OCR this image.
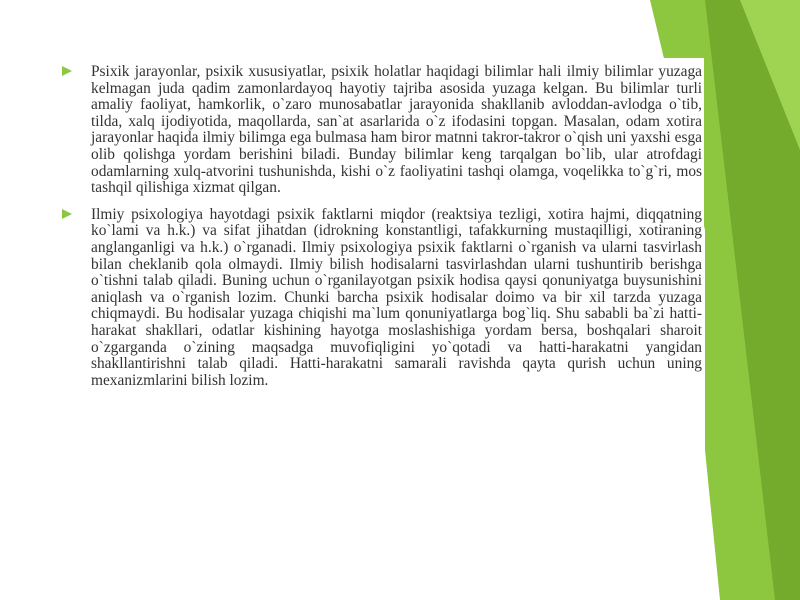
Psixik jarayonlar, psixik xususiyatlar, psixik holatlar haqidagi bilimlar hali ilmiy bilimlar yuzaga kelmagan juda qadim zamonlardayoq hayotiy tajriba asosida yuzaga kelgan. Bu bilimlar turli amaliy faoliyat, hamkorlik, o`zaro munosabatlar jarayonida shakllanib avloddan-avlodga o`tib, tilda, xalq ijodiyotida, maqollarda, san`at asarlarida o`z ifodasini topgan. Masalan, odam xotira jarayonlar haqida ilmiy bilimga ega bulmasa ham biror matnni takror-takror o`qish uni yaxshi esga olib qolishga yordam berishini biladi. Bunday bilimlar keng tarqalgan bo`lib, ular atrofdagi odamlarning xulq-atvorini tushunishda, kishi o`z faoliyatini tashqi olamga, voqelikka to`g`ri, mos tashqil qilishiga xizmat qilgan.

Ilmiy psixologiya hayotdagi psixik faktlarni miqdor (reaktsiya tezligi, xotira hajmi, diqqatning ko`lami va h.k.) va sifat jihatdan (idrokning konstantligi, tafakkurning mustaqilligi, xotiraning anglanganligi va h.k.) o`rganadi. Ilmiy psixologiya psixik faktlarni o`rganish va ularni tasvirlash bilan cheklanib qola olmaydi. Ilmiy bilish hodisalarni tasvirlashdan ularni tushuntirib berishga o`tishni talab qiladi. Buning uchun o`rganilayotgan psixik hodisa qaysi qonuniyatga buysunishini aniqlash va o`rganish lozim. Chunki barcha psixik hodisalar doimo va bir xil tarzda yuzaga chiqmaydi. Bu hodisalar yuzaga chiqishi ma`lum qonuniyatlarga bog`liq. Shu sababli ba`zi hatti-harakat shakllari, odatlar kishining hayotga moslashishiga yordam bersa, boshqalari sharoit o`zgarganda o`zining maqsadga muvofiqligini yo`qotadi va hatti-harakatni yangidan shakllantirishni talab qiladi. Hatti-harakatni samarali ravishda qayta qurish uchun uning mexanizmlarini bilish lozim.
